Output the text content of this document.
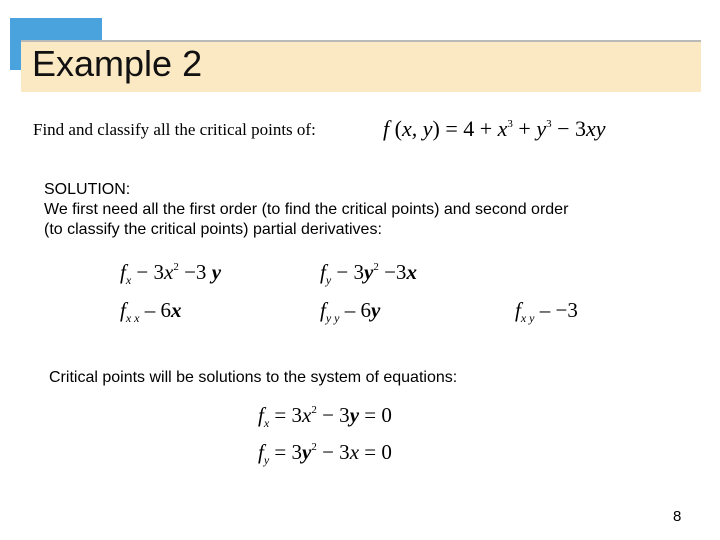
Example 2
Find and classify all the critical points of:	f (x, $y) = 4 + x^3 + y^3 - 3xy$
SOLUTION:
We first need all the first order (to find the critical points) and second order
(to classify the critical points) partial derivatives:
$f_x - 3x^2 -3$ y	$f_y - 3y^2 -3x$
$f_{x x} - 6x$	$f_{y y} - 6y$	$f_{x y} - -3$
Critical points will be solutions to the system of equations:
$f_x = 3x^2 - 3y = 0$
$f_y = 3y^2 - 3x = 0$
8
